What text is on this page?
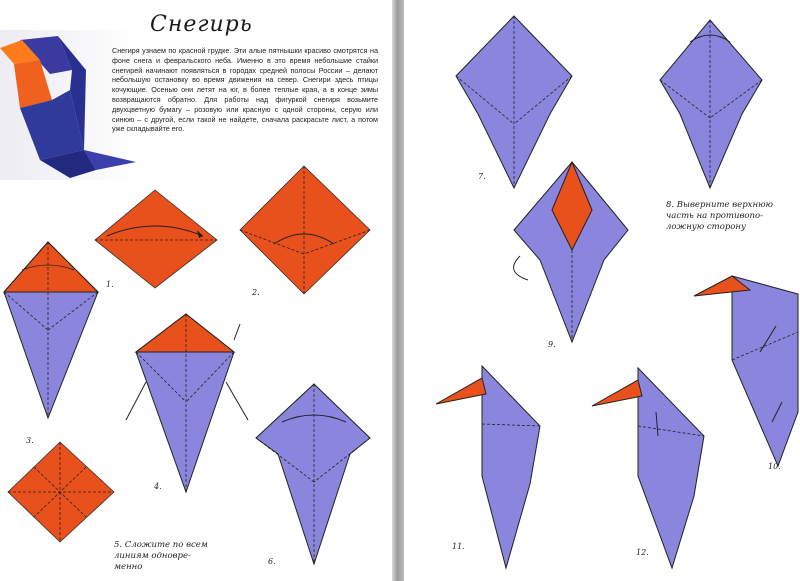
Снегирь

Снегиря узнаем по красной грудке. Эти алые пятнышки красиво смотрятся на фоне снега и февральского неба. Именно в это время небольшие стайки снегирей начинают появляться в городах средней полосы России – делают небольшую остановку во время движения на север. Снегири здесь птицы кочующие. Осенью они летят на юг, в более теплые края, а в конце зимы возвращаются обратно. Для работы над фигуркой снегиря возьмите двухцветную бумагу – розовую или красную с одной стороны, серую или синюю – с другой, если такой не найдете, сначала раскрасьте лист, а потом уже складывайте его.

3.
1.
2.
4.
5. Сложите по всем
линиям одновре-
менно
6.
7.
8. Выверните верхнюю
часть на противопо-
ложную сторону
9.
10.
11.
12.
